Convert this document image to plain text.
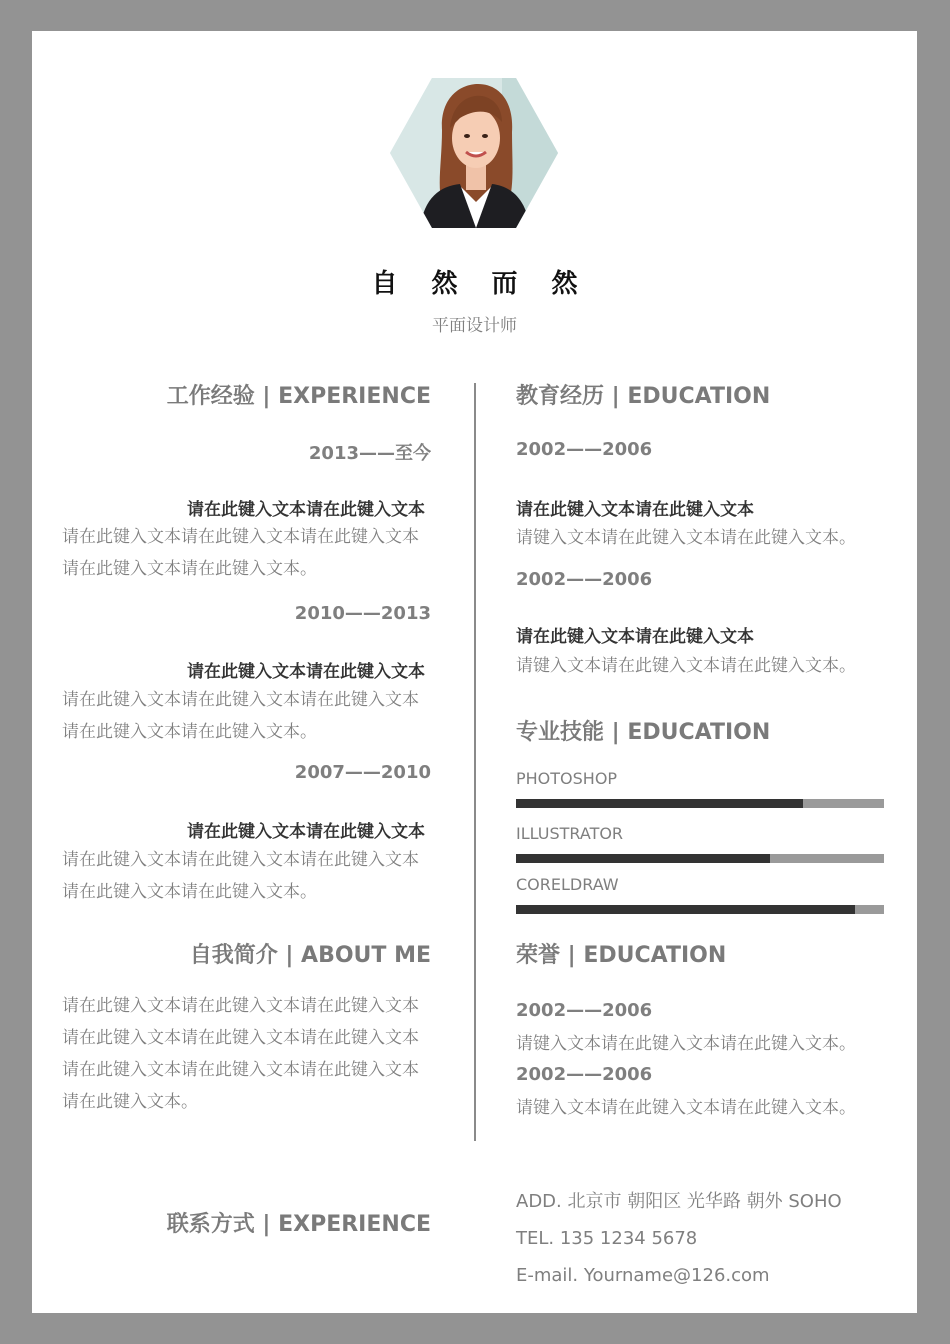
自然而然
平面设计师
工作经验 | EXPERIENCE
2013——至今
请在此键入文本请在此键入文本
请在此键入文本请在此键入文本请在此键入文本请在此键入文本请在此键入文本。
2010——2013
请在此键入文本请在此键入文本
请在此键入文本请在此键入文本请在此键入文本请在此键入文本请在此键入文本。
2007——2010
请在此键入文本请在此键入文本
请在此键入文本请在此键入文本请在此键入文本请在此键入文本请在此键入文本。
自我简介 | ABOUT ME
请在此键入文本请在此键入文本请在此键入文本请在此键入文本请在此键入文本请在此键入文本请在此键入文本请在此键入文本请在此键入文本请在此键入文本。
联系方式 | EXPERIENCE
教育经历 | EDUCATION
2002——2006
请在此键入文本请在此键入文本
请键入文本请在此键入文本请在此键入文本。
2002——2006
请在此键入文本请在此键入文本
请键入文本请在此键入文本请在此键入文本。
专业技能 | EDUCATION
PHOTOSHOP
ILLUSTRATOR
CORELDRAW
荣誉 | EDUCATION
2002——2006
请键入文本请在此键入文本请在此键入文本。
2002——2006
请键入文本请在此键入文本请在此键入文本。
ADD. 北京市 朝阳区 光华路 朝外 SOHO
TEL. 135 1234 5678
E-mail. Yourname@126.com
